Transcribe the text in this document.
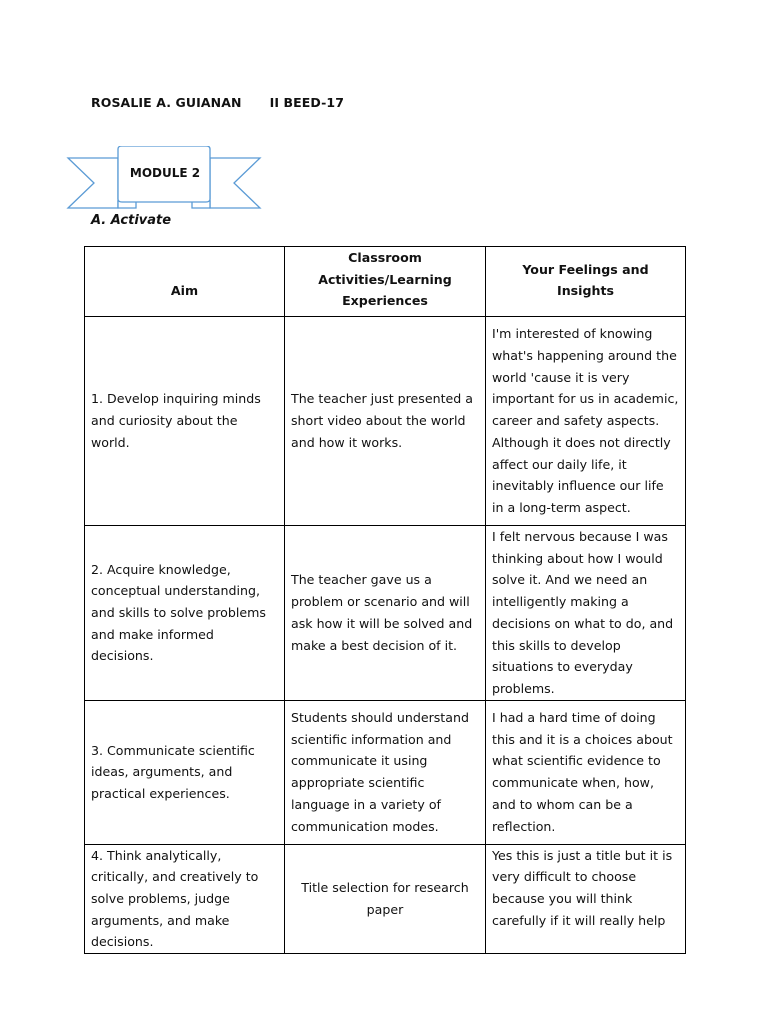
ROSALIE A. GUIANAN II BEED-17
MODULE 2
A. Activate
Aim	Classroom Activities/Learning Experiences	Your Feelings and Insights
1. Develop inquiring minds and curiosity about the world.	The teacher just presented a short video about the world and how it works.	I'm interested of knowing what's happening around the world 'cause it is very important for us in academic, career and safety aspects. Although it does not directly affect our daily life, it inevitably influence our life in a long-term aspect.
2. Acquire knowledge, conceptual understanding, and skills to solve problems and make informed decisions.	The teacher gave us a problem or scenario and will ask how it will be solved and make a best decision of it.	I felt nervous because I was thinking about how I would solve it. And we need an intelligently making a decisions on what to do, and this skills to develop situations to everyday problems.
3. Communicate scientific ideas, arguments, and practical experiences.	Students should understand scientific information and communicate it using appropriate scientific language in a variety of communication modes.	I had a hard time of doing this and it is a choices about what scientific evidence to communicate when, how, and to whom can be a reflection.
4. Think analytically, critically, and creatively to solve problems, judge arguments, and make decisions.	Title selection for research paper	Yes this is just a title but it is very difficult to choose because you will think carefully if it will really help
